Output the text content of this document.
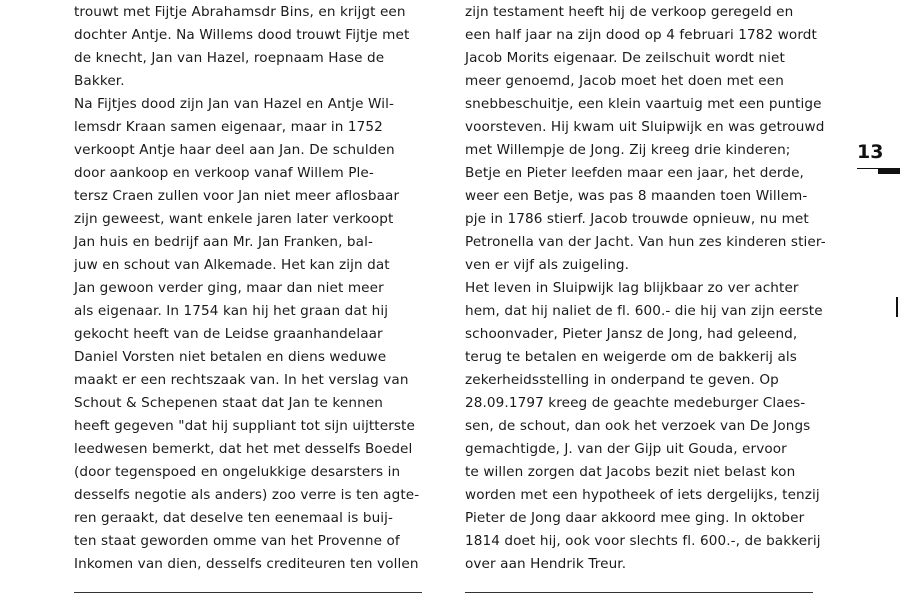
trouwt met Fijtje Abrahamsdr Bins, en krijgt een

dochter Antje. Na Willems dood trouwt Fijtje met

de knecht, Jan van Hazel, roepnaam Hase de

Bakker.

Na Fijtjes dood zijn Jan van Hazel en Antje Wil-

lemsdr Kraan samen eigenaar, maar in 1752

verkoopt Antje haar deel aan Jan. De schulden

door aankoop en verkoop vanaf Willem Ple-

tersz Craen zullen voor Jan niet meer aflosbaar

zijn geweest, want enkele jaren later verkoopt

Jan huis en bedrijf aan Mr. Jan Franken, bal-

juw en schout van Alkemade. Het kan zijn dat

Jan gewoon verder ging, maar dan niet meer

als eigenaar. In 1754 kan hij het graan dat hij

gekocht heeft van de Leidse graanhandelaar

Daniel Vorsten niet betalen en diens weduwe

maakt er een rechtszaak van. In het verslag van

Schout & Schepenen staat dat Jan te kennen

heeft gegeven "dat hij suppliant tot sijn uijtterste

leedwesen bemerkt, dat het met desselfs Boedel

(door tegenspoed en ongelukkige desarsters in

desselfs negotie als anders) zoo verre is ten agte-

ren geraakt, dat deselve ten eenemaal is buij-

ten staat geworden omme van het Provenne of

Inkomen van dien, desselfs crediteuren ten vollen

zijn testament heeft hij de verkoop geregeld en

een half jaar na zijn dood op 4 februari 1782 wordt

Jacob Morits eigenaar. De zeilschuit wordt niet

meer genoemd, Jacob moet het doen met een

snebbeschuitje, een klein vaartuig met een puntige

voorsteven. Hij kwam uit Sluipwijk en was getrouwd

met Willempje de Jong. Zij kreeg drie kinderen;

Betje en Pieter leefden maar een jaar, het derde,

weer een Betje, was pas 8 maanden toen Willem-

pje in 1786 stierf. Jacob trouwde opnieuw, nu met

Petronella van der Jacht. Van hun zes kinderen stier-

ven er vijf als zuigeling.

Het leven in Sluipwijk lag blijkbaar zo ver achter

hem, dat hij naliet de fl. 600.- die hij van zijn eerste

schoonvader, Pieter Jansz de Jong, had geleend,

terug te betalen en weigerde om de bakkerij als

zekerheidsstelling in onderpand te geven. Op

28.09.1797 kreeg de geachte medeburger Claes-

sen, de schout, dan ook het verzoek van De Jongs

gemachtigde, J. van der Gijp uit Gouda, ervoor

te willen zorgen dat Jacobs bezit niet belast kon

worden met een hypotheek of iets dergelijks, tenzij

Pieter de Jong daar akkoord mee ging. In oktober

1814 doet hij, ook voor slechts fl. 600.-, de bakkerij

over aan Hendrik Treur.

13
